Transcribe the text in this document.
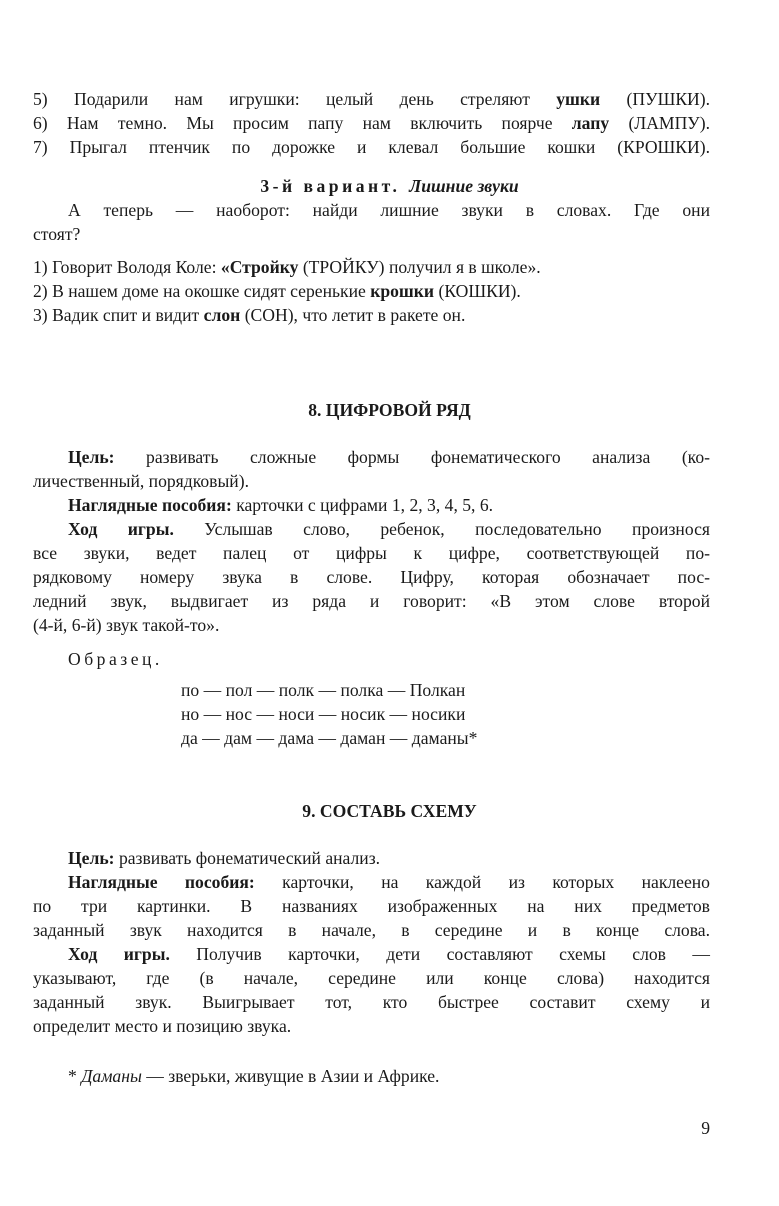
5) Подарили нам игрушки: целый день стреляют ушки (ПУШКИ).
6) Нам темно. Мы просим папу нам включить поярче лапу (ЛАМПУ).
7) Прыгал птенчик по дорожке и клевал большие кошки (КРОШКИ).
3-й вариант. Лишние звуки
А теперь — наоборот: найди лишние звуки в словах. Где они
стоят?
1) Говорит Володя Коле: «Стройку (ТРОЙКУ) получил я в школе».
2) В нашем доме на окошке сидят серенькие крошки (КОШКИ).
3) Вадик спит и видит слон (СОН), что летит в ракете он.
8. ЦИФРОВОЙ РЯД
Цель: развивать сложные формы фонематического анализа (ко-
личественный, порядковый).
Наглядные пособия: карточки с цифрами 1, 2, 3, 4, 5, 6.
Ход игры. Услышав слово, ребенок, последовательно произнося
все звуки, ведет палец от цифры к цифре, соответствующей по-
рядковому номеру звука в слове. Цифру, которая обозначает пос-
ледний звук, выдвигает из ряда и говорит: «В этом слове второй
(4-й, 6-й) звук такой-то».
Образец.
по — пол — полк — полка — Полкан
но — нос — носи — носик — носики
да — дам — дама — даман — даманы*
9. СОСТАВЬ СХЕМУ
Цель: развивать фонематический анализ.
Наглядные пособия: карточки, на каждой из которых наклеено
по три картинки. В названиях изображенных на них предметов
заданный звук находится в начале, в середине и в конце слова.
Ход игры. Получив карточки, дети составляют схемы слов —
указывают, где (в начале, середине или конце слова) находится
заданный звук. Выигрывает тот, кто быстрее составит схему и
определит место и позицию звука.
* Даманы — зверьки, живущие в Азии и Африке.
9
